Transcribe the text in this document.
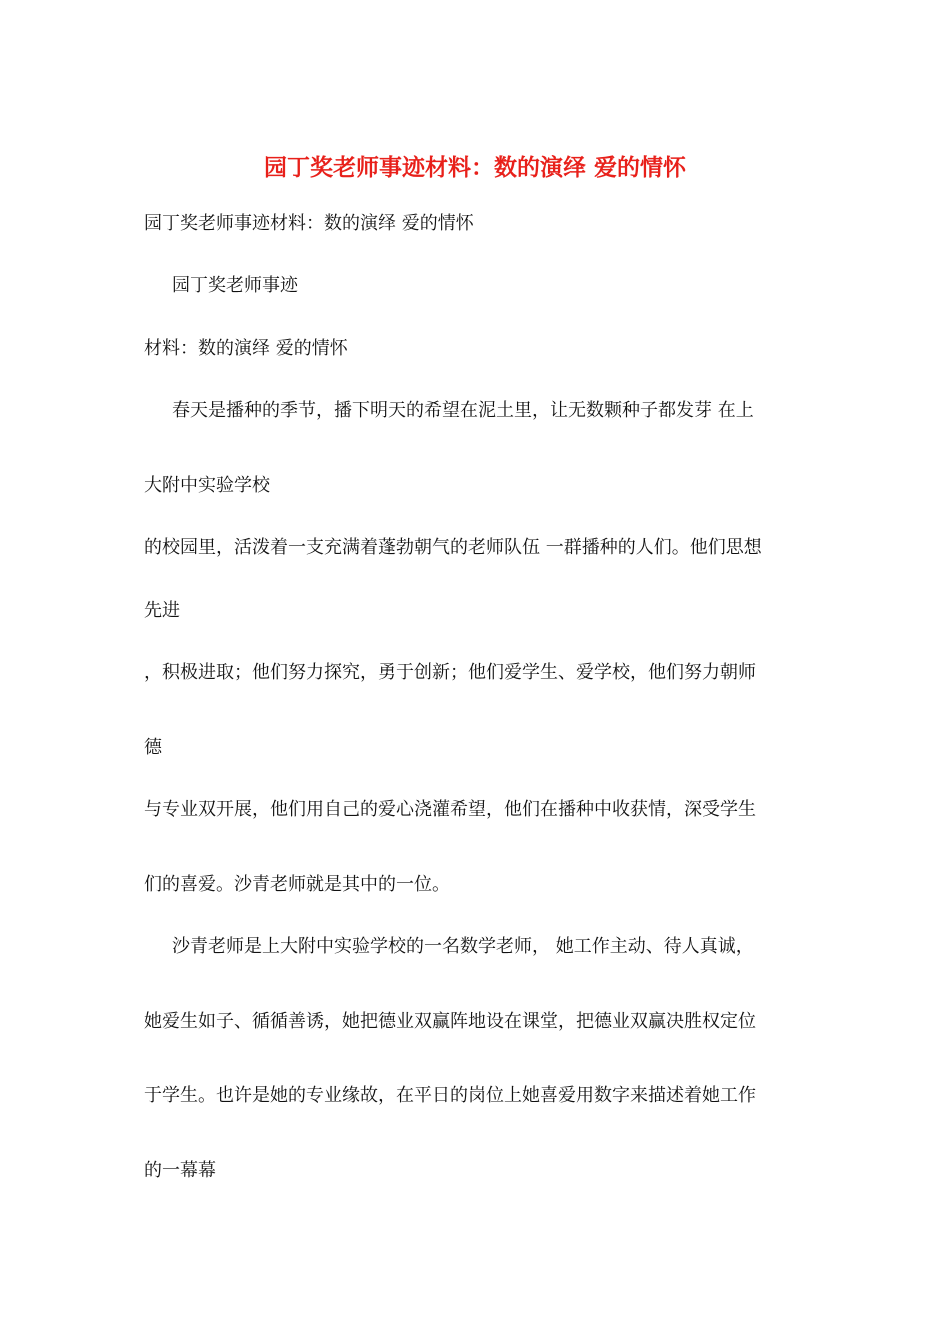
园丁奖老师事迹材料：数的演绎 爱的情怀

园丁奖老师事迹材料：数的演绎 爱的情怀

园丁奖老师事迹

材料：数的演绎 爱的情怀

春天是播种的季节，播下明天的希望在泥土里，让无数颗种子都发芽 在上

大附中实验学校

的校园里，活泼着一支充满着蓬勃朝气的老师队伍 一群播种的人们。他们思想

先进

，积极进取；他们努力探究，勇于创新；他们爱学生、爱学校，他们努力朝师

德

与专业双开展，他们用自己的爱心浇灌希望，他们在播种中收获情，深受学生

们的喜爱。沙青老师就是其中的一位。

沙青老师是上大附中实验学校的一名数学老师， 她工作主动、待人真诚，

她爱生如子、循循善诱，她把德业双赢阵地设在课堂，把德业双赢决胜权定位

于学生。也许是她的专业缘故，在平日的岗位上她喜爱用数字来描述着她工作

的一幕幕
